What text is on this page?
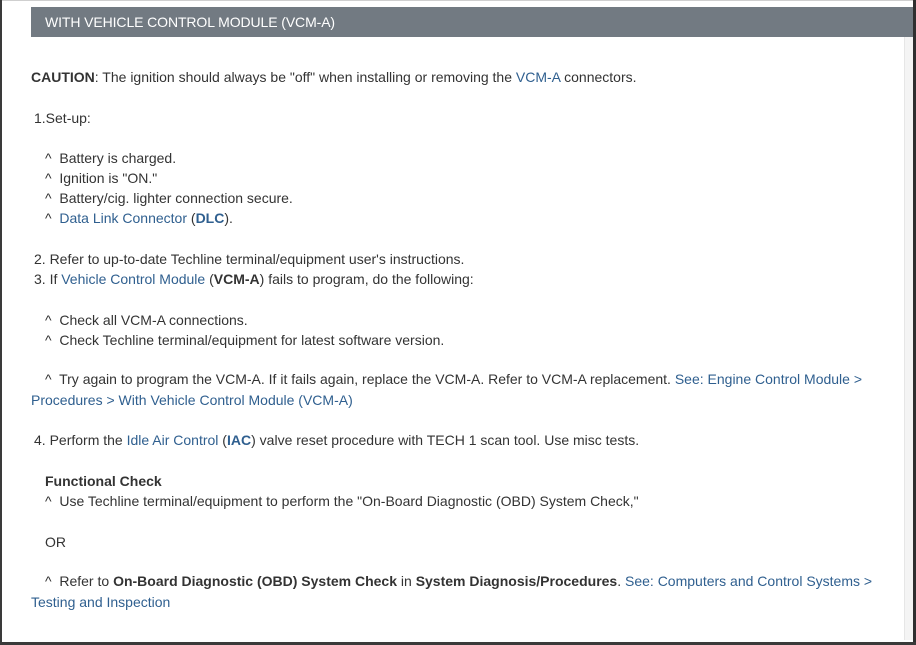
WITH VEHICLE CONTROL MODULE (VCM-A)
CAUTION: The ignition should always be "off" when installing or removing the VCM-A connectors.
1.Set-up:
^ Battery is charged.
^ Ignition is "ON."
^ Battery/cig. lighter connection secure.
^ Data Link Connector (DLC).
2. Refer to up-to-date Techline terminal/equipment user's instructions.
3. If Vehicle Control Module (VCM-A) fails to program, do the following:
^ Check all VCM-A connections.
^ Check Techline terminal/equipment for latest software version.
^ Try again to program the VCM-A. If it fails again, replace the VCM-A. Refer to VCM-A replacement. See: Engine Control Module > Procedures > With Vehicle Control Module (VCM-A)
4. Perform the Idle Air Control (IAC) valve reset procedure with TECH 1 scan tool. Use misc tests.
Functional Check
^ Use Techline terminal/equipment to perform the "On-Board Diagnostic (OBD) System Check,"
OR
^ Refer to On-Board Diagnostic (OBD) System Check in System Diagnosis/Procedures. See: Computers and Control Systems > Testing and Inspection
